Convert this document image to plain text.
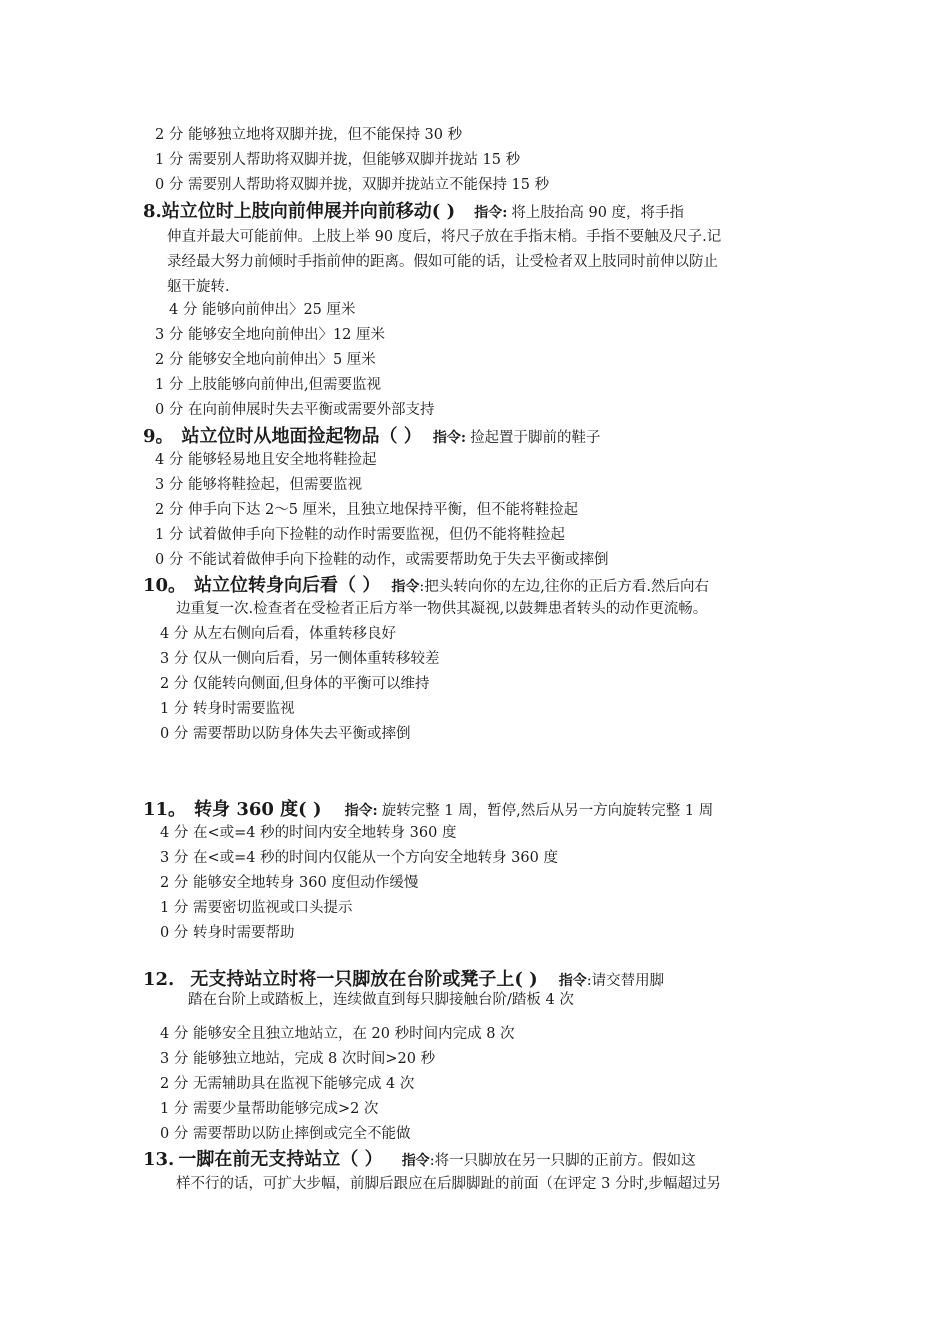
2 分 能够独立地将双脚并拢，但不能保持 30 秒
1 分 需要别人帮助将双脚并拢，但能够双脚并拢站 15 秒
0 分 需要别人帮助将双脚并拢，双脚并拢站立不能保持 15 秒
8.站立位时上肢向前伸展并向前移动( ) 指令: 将上肢抬高 90 度，将手指
伸直并最大可能前伸。上肢上举 90 度后，将尺子放在手指末梢。手指不要触及尺子.记
录经最大努力前倾时手指前伸的距离。假如可能的话，让受检者双上肢同时前伸以防止
躯干旋转.
4 分 能够向前伸出〉25 厘米
3 分 能够安全地向前伸出〉12 厘米
2 分 能够安全地向前伸出〉5 厘米
1 分 上肢能够向前伸出,但需要监视
0 分 在向前伸展时失去平衡或需要外部支持
9。 站立位时从地面捡起物品（ ） 指令: 捡起置于脚前的鞋子
4 分 能够轻易地且安全地将鞋捡起
3 分 能够将鞋捡起，但需要监视
2 分 伸手向下达 2～5 厘米，且独立地保持平衡，但不能将鞋捡起
1 分 试着做伸手向下捡鞋的动作时需要监视，但仍不能将鞋捡起
0 分 不能试着做伸手向下捡鞋的动作，或需要帮助免于失去平衡或摔倒
10。 站立位转身向后看（ ） 指令:把头转向你的左边,往你的正后方看.然后向右
边重复一次.检查者在受检者正后方举一物供其凝视,以鼓舞患者转头的动作更流畅。
4 分 从左右侧向后看，体重转移良好
3 分 仅从一侧向后看，另一侧体重转移较差
2 分 仅能转向侧面,但身体的平衡可以维持
1 分 转身时需要监视
0 分 需要帮助以防身体失去平衡或摔倒
11。 转身 360 度( ) 指令: 旋转完整 1 周，暂停,然后从另一方向旋转完整 1 周
4 分 在<或=4 秒的时间内安全地转身 360 度
3 分 在<或=4 秒的时间内仅能从一个方向安全地转身 360 度
2 分 能够安全地转身 360 度但动作缓慢
1 分 需要密切监视或口头提示
0 分 转身时需要帮助
12. 无支持站立时将一只脚放在台阶或凳子上( ) 指令:请交替用脚
踏在台阶上或踏板上，连续做直到每只脚接触台阶/踏板 4 次
4 分 能够安全且独立地站立，在 20 秒时间内完成 8 次
3 分 能够独立地站，完成 8 次时间>20 秒
2 分 无需辅助具在监视下能够完成 4 次
1 分 需要少量帮助能够完成>2 次
0 分 需要帮助以防止摔倒或完全不能做
13. 一脚在前无支持站立（ ） 指令:将一只脚放在另一只脚的正前方。假如这
样不行的话，可扩大步幅，前脚后跟应在后脚脚趾的前面（在评定 3 分时,步幅超过另
